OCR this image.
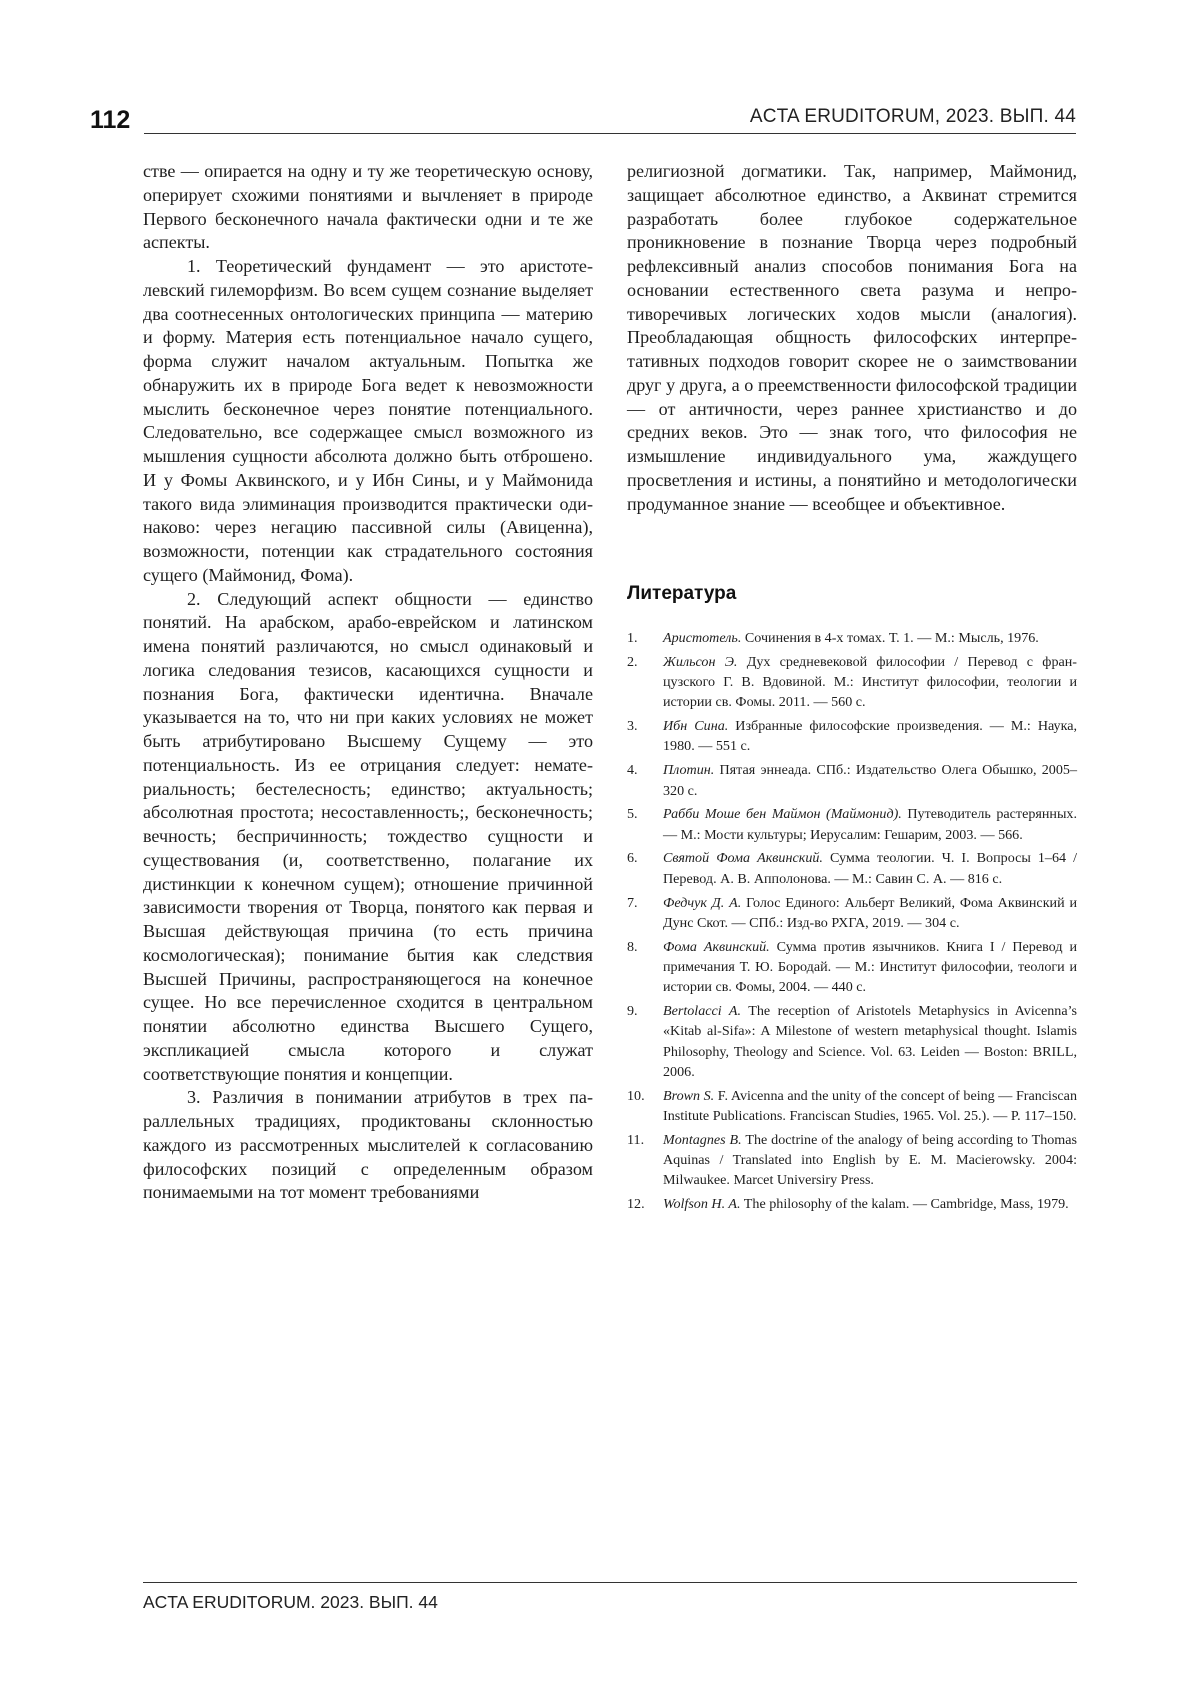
112	ACTA ERUDITORUM, 2023. ВЫП. 44

стве — опирается на одну и ту же теоретическую основу, оперирует схожими понятиями и вычленяет в природе Первого бесконечного начала фактически одни и те же аспекты.

1. Теоретический фундамент — это аристотелевский гилеморфизм. Во всем сущем сознание выделяет два соотнесенных онтологических принципа — материю и форму. Материя есть потенциальное начало сущего, форма служит началом актуальным. Попытка же обнаружить их в природе Бога ведет к невозможности мыслить бесконечное через понятие потенциального. Следовательно, все содержащее смысл возможного из мышления сущности абсолюта должно быть отброшено. И у Фомы Аквинского, и у Ибн Сины, и у Маймонида такого вида элиминация производится практически одинаково: через негацию пассивной силы (Авиценна), возможности, потенции как страдательного состояния сущего (Маймонид, Фома).

2. Следующий аспект общности — единство понятий. На арабском, арабо-еврейском и латинском имена понятий различаются, но смысл одинаковый и логика следования тезисов, касающихся сущности и познания Бога, фактически идентична. Вначале указывается на то, что ни при каких условиях не может быть атрибутировано Высшему Сущему — это потенциальность. Из ее отрицания следует: нематериальность; бестелесность; единство; актуальность; абсолютная простота; несоставленность;, бесконечность; вечность; беспричинность; тождество сущности и существования (и, соответственно, полагание их дистинкции к конечном сущем); отношение причинной зависимости творения от Творца, понятого как первая и Высшая действующая причина (то есть причина космологическая); понимание бытия как следствия Высшей Причины, распространяющегося на конечное сущее. Но все перечисленное сходится в центральном понятии абсолютно единства Высшего Сущего, экспликацией смысла которого и служат соответствующие понятия и концепции.

3. Различия в понимании атрибутов в трех параллельных традициях, продиктованы склонностью каждого из рассмотренных мыслителей к согласованию философских позиций с определенным образом понимаемыми на тот момент требованиями

религиозной догматики. Так, например, Маймонид, защищает абсолютное единство, а Аквинат стремится разработать более глубокое содержательное проникновение в познание Творца через подробный рефлексивный анализ способов понимания Бога на основании естественного света разума и непротиворечивых логических ходов мысли (аналогия). Преобладающая общность философских интерпретативных подходов говорит скорее не о заимствовании друг у друга, а о преемственности философской традиции — от античности, через раннее христианство и до средних веков. Это — знак того, что философия не измышление индивидуального ума, жаждущего просветления и истины, а понятийно и методологически продуманное знание — всеобщее и объективное.

Литература
1. Аристотель. Сочинения в 4-х томах. Т. 1. — М.: Мысль, 1976.
2. Жильсон Э. Дух средневековой философии / Перевод с французского Г. В. Вдовиной. М.: Институт философии, теологии и истории св. Фомы. 2011. — 560 с.
3. Ибн Сина. Избранные философские произведения. — М.: Наука, 1980. — 551 с.
4. Плотин. Пятая эннеада. СПб.: Издательство Олега Обышко, 2005–320 с.
5. Рабби Моше бен Маймон (Маймонид). Путеводитель растерянных. — М.: Мости культуры; Иерусалим: Гешарим, 2003. — 566.
6. Святой Фома Аквинский. Сумма теологии. Ч. I. Вопросы 1–64 / Перевод. А. В. Апполонова. — М.: Савин С. А. — 816 с.
7. Федчук Д. А. Голос Единого: Альберт Великий, Фома Аквинский и Дунс Скот. — СПб.: Изд-во РХГА, 2019. — 304 с.
8. Фома Аквинский. Сумма против язычников. Книга I / Перевод и примечания Т. Ю. Бородай. — М.: Институт философии, теологи и истории св. Фомы, 2004. — 440 с.
9. Bertolacci A. The reception of Aristotels Metaphysics in Avicenna’s «Kitab al-Sifa»: A Milestone of western metaphysical thought. Islamis Philosophy, Theology and Science. Vol. 63. Leiden — Boston: BRILL, 2006.
10. Brown S. F. Avicenna and the unity of the concept of being — Franciscan Institute Publications. Franciscan Studies, 1965. Vol. 25.). — P. 117–150.
11. Montagnes B. The doctrine of the analogy of being according to Thomas Aquinas / Translated into English by E. M. Macierowsky. 2004: Milwaukee. Marcet Universiry Press.
12. Wolfson H. A. The philosophy of the kalam. — Cambridge, Mass, 1979.
ACTA ERUDITORUM. 2023. ВЫП. 44
